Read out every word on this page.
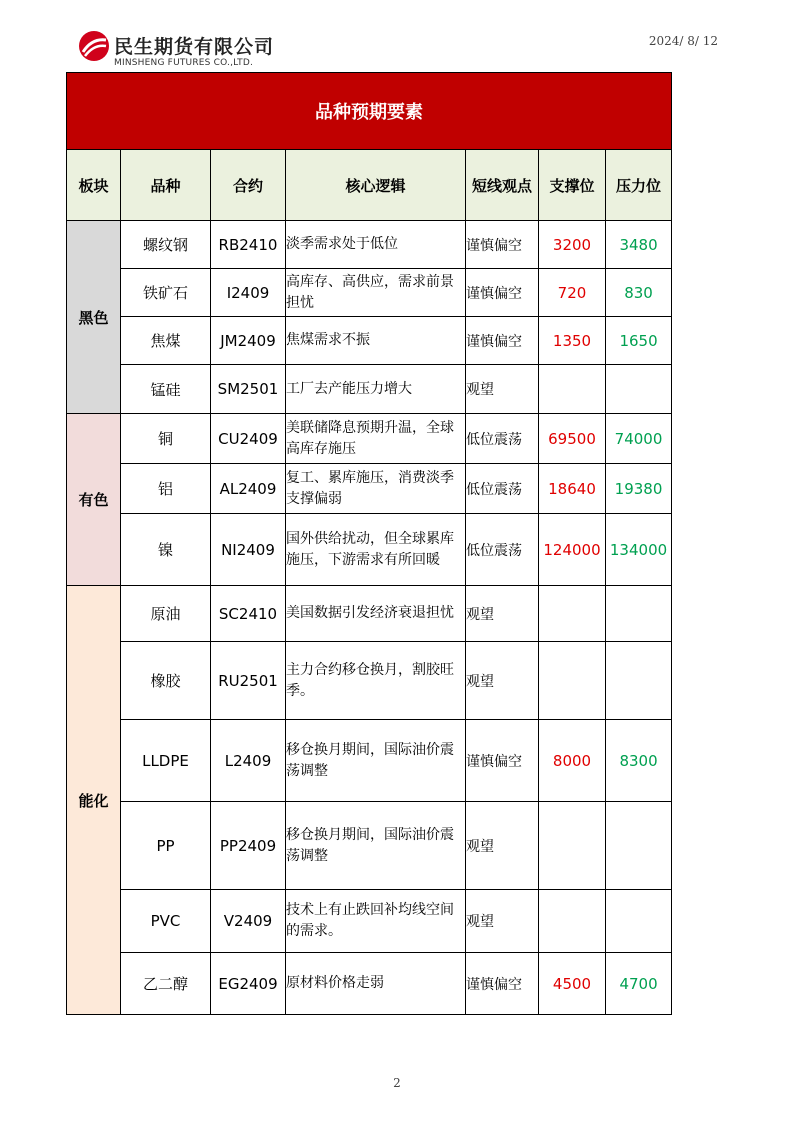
民生期货有限公司
MINSHENG FUTURES CO.,LTD.
2024/ 8/ 12
品种预期要素						
板块	品种	合约	核心逻辑	短线观点	支撑位	压力位
黑色	螺纹钢	RB2410	淡季需求处于低位	谨慎偏空	3200	3480
	铁矿石	I2409	高库存、高供应，需求前景担忧	谨慎偏空	720	830
	焦煤	JM2409	焦煤需求不振	谨慎偏空	1350	1650
	锰硅	SM2501	工厂去产能压力增大	观望		
有色	铜	CU2409	美联储降息预期升温，全球高库存施压	低位震荡	69500	74000
	铝	AL2409	复工、累库施压，消费淡季支撑偏弱	低位震荡	18640	19380
	镍	NI2409	国外供给扰动，但全球累库施压，下游需求有所回暖	低位震荡	124000	134000
能化	原油	SC2410	美国数据引发经济衰退担忧	观望		
	橡胶	RU2501	主力合约移仓换月，割胶旺季。	观望		
	LLDPE	L2409	移仓换月期间，国际油价震荡调整	谨慎偏空	8000	8300
	PP	PP2409	移仓换月期间，国际油价震荡调整	观望		
	PVC	V2409	技术上有止跌回补均线空间的需求。	观望		
	乙二醇	EG2409	原材料价格走弱	谨慎偏空	4500	4700
2
